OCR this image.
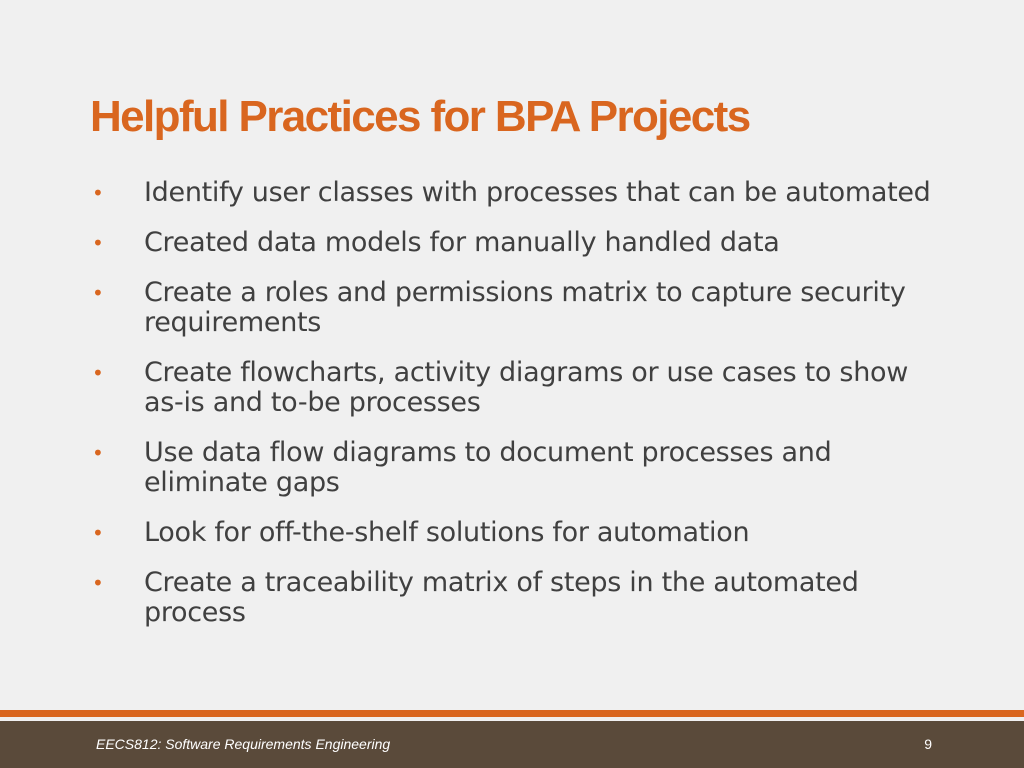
Helpful Practices for BPA Projects
• Identify user classes with processes that can be automated
• Created data models for manually handled data
• Create a roles and permissions matrix to capture security requirements
• Create flowcharts, activity diagrams or use cases to show as-is and to-be processes
• Use data flow diagrams to document processes and eliminate gaps
• Look for off-the-shelf solutions for automation
• Create a traceability matrix of steps in the automated process
EECS812: Software Requirements Engineering	9
